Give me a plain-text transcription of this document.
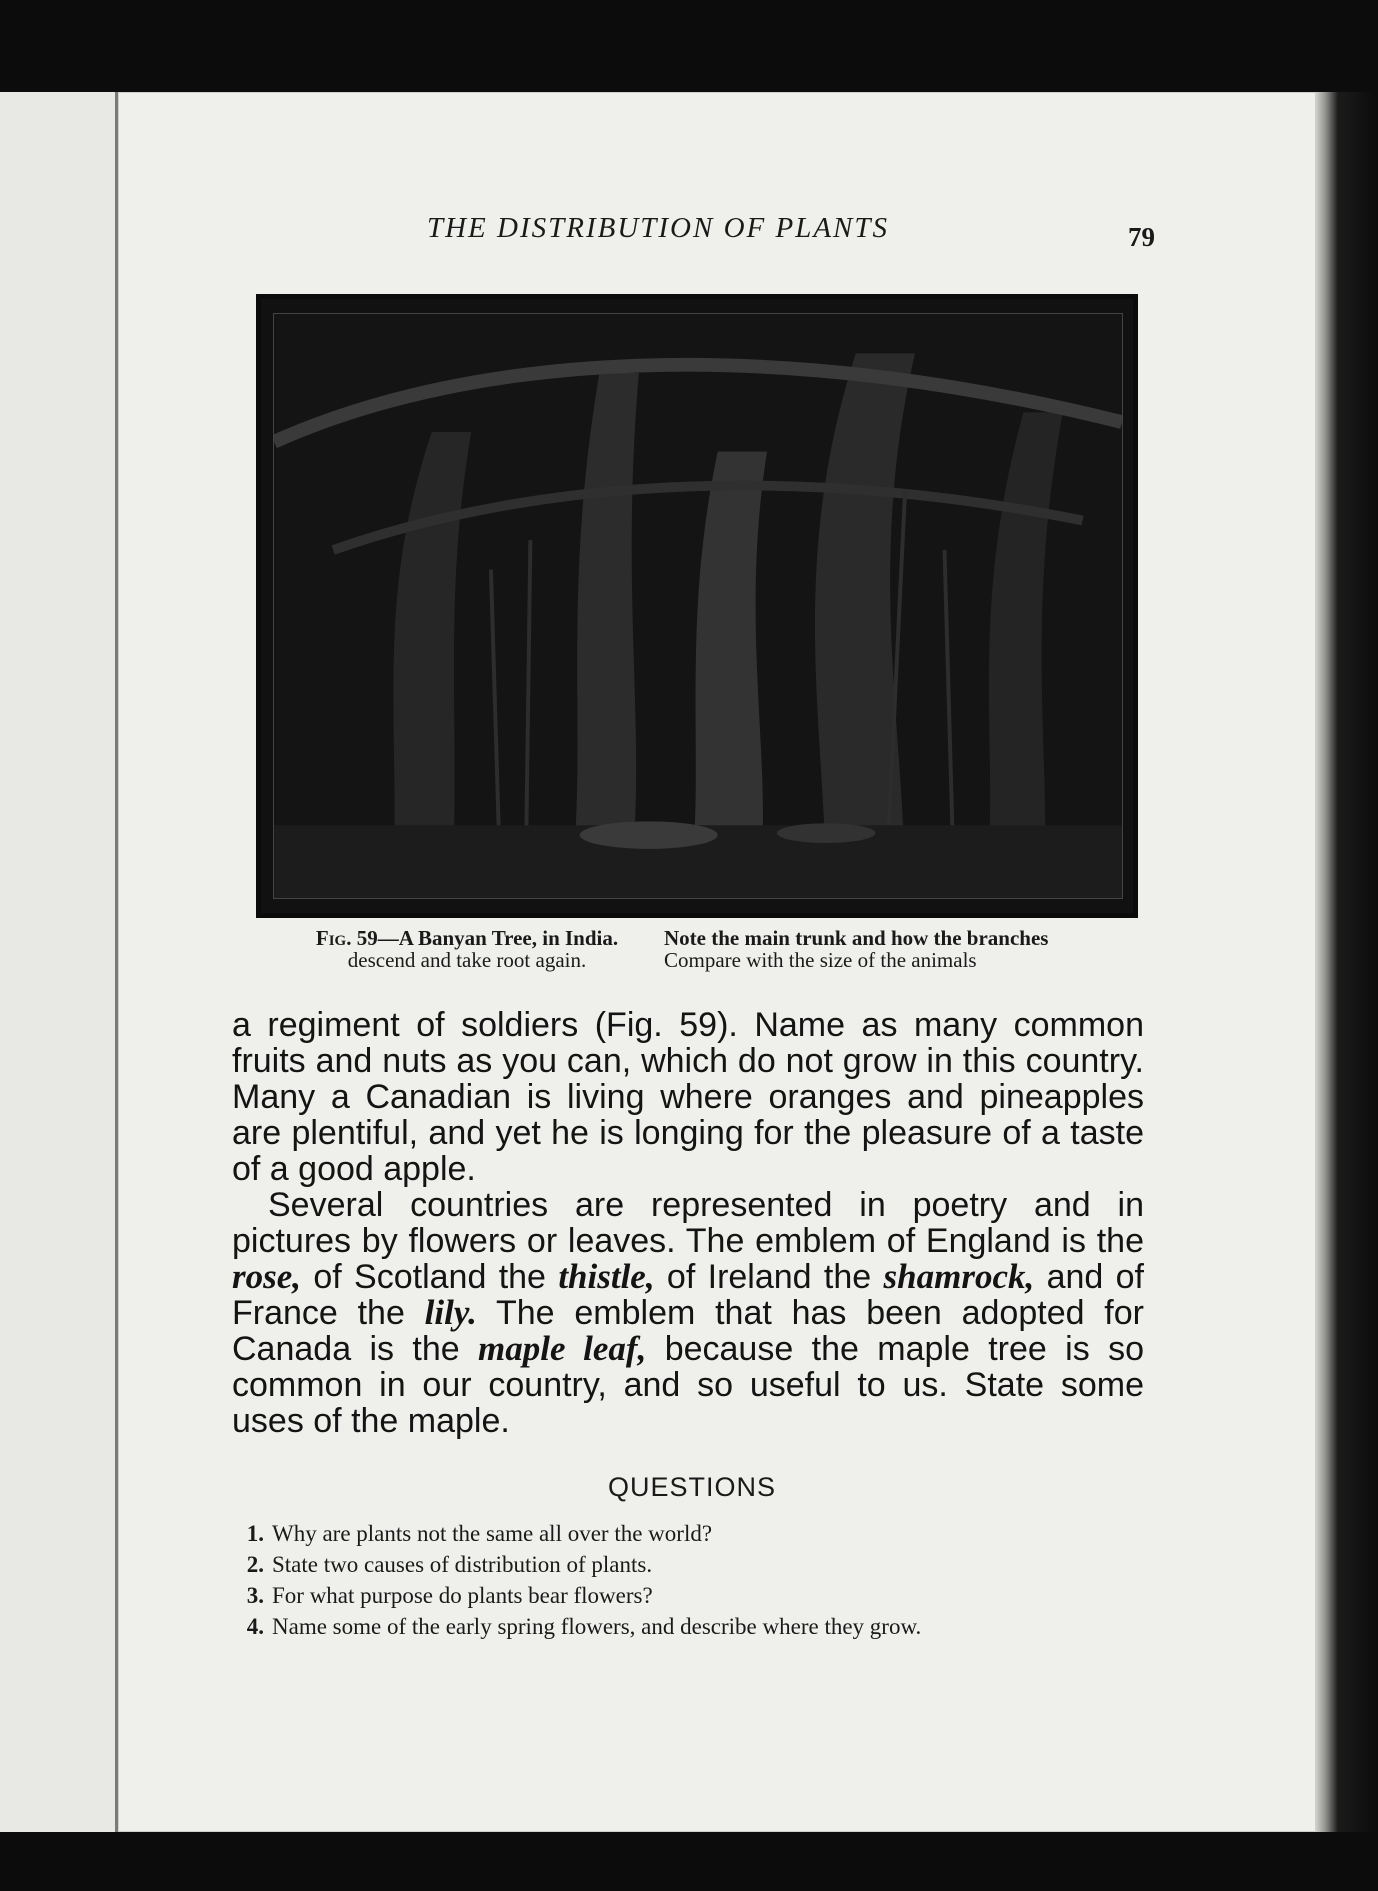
THE DISTRIBUTION OF PLANTS	79
Fig. 59—A Banyan Tree, in India.
descend and take root again.
Note the main trunk and how the branches
Compare with the size of the animals

a regiment of soldiers (Fig. 59). Name as many common fruits and nuts as you can, which do not grow in this country. Many a Canadian is living where oranges and pineapples are plentiful, and yet he is longing for the pleasure of a taste of a good apple.

Several countries are represented in poetry and in pictures by flowers or leaves. The emblem of England is the rose, of Scotland the thistle, of Ireland the shamrock, and of France the lily. The emblem that has been adopted for Canada is the maple leaf, because the maple tree is so common in our country, and so useful to us. State some uses of the maple.

QUESTIONS

1. Why are plants not the same all over the world?

2. State two causes of distribution of plants.

3. For what purpose do plants bear flowers?

4. Name some of the early spring flowers, and describe where they grow.
